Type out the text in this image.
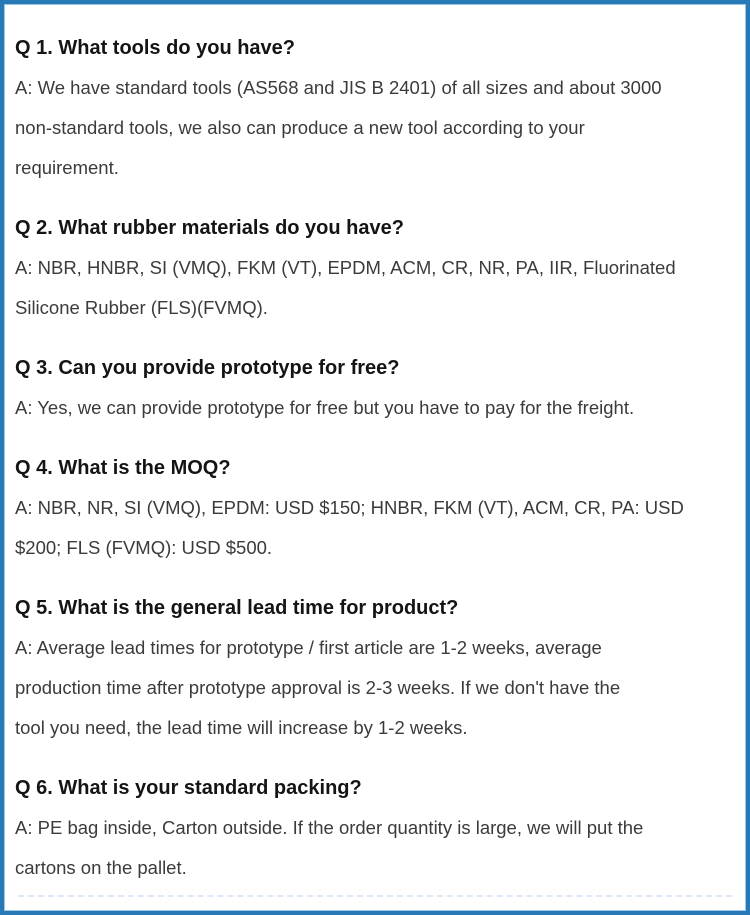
Q 1. What tools do you have?
A: We have standard tools (AS568 and JIS B 2401) of all sizes and about 3000
non-standard tools, we also can produce a new tool according to your
requirement.
Q 2. What rubber materials do you have?
A: NBR, HNBR, SI (VMQ), FKM (VT), EPDM, ACM, CR, NR, PA, IIR, Fluorinated
Silicone Rubber (FLS)(FVMQ).
Q 3. Can you provide prototype for free?
A: Yes, we can provide prototype for free but you have to pay for the freight.
Q 4. What is the MOQ?
A: NBR, NR, SI (VMQ), EPDM: USD $150; HNBR, FKM (VT), ACM, CR, PA: USD
$200; FLS (FVMQ): USD $500.
Q 5. What is the general lead time for product?
A: Average lead times for prototype / first article are 1-2 weeks, average
production time after prototype approval is 2-3 weeks. If we don't have the
tool you need, the lead time will increase by 1-2 weeks.
Q 6. What is your standard packing?
A: PE bag inside, Carton outside. If the order quantity is large, we will put the
cartons on the pallet.
